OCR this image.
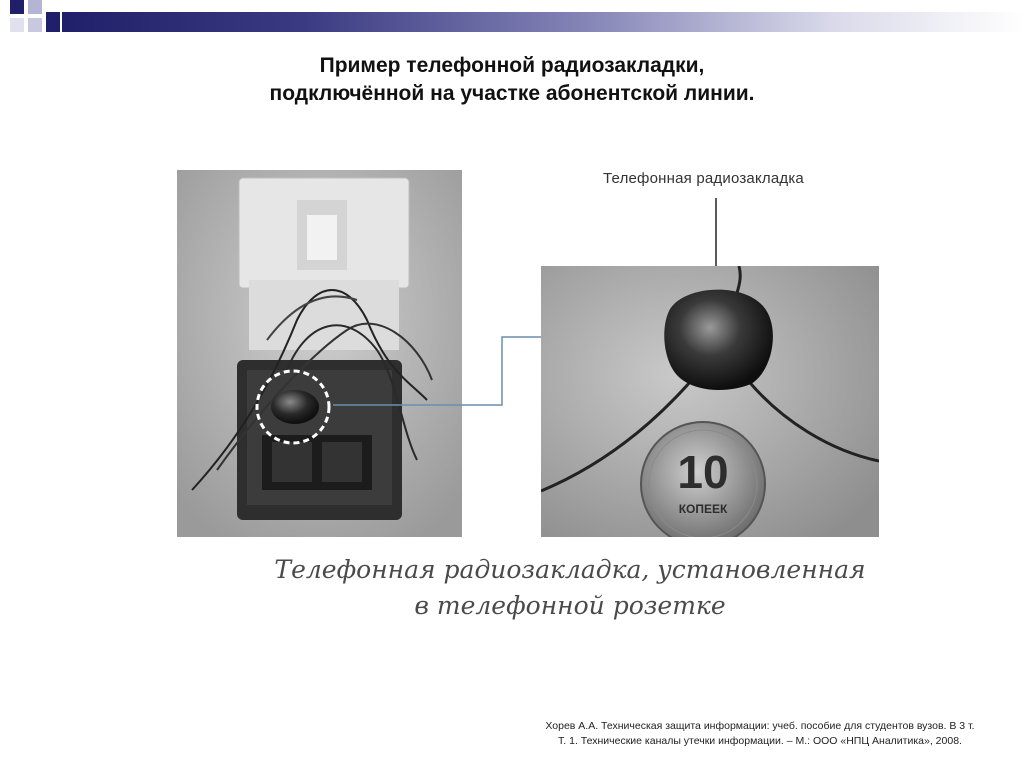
Пример телефонной радиозакладки,
подключённой на участке абонентской линии.
Телефонная радиозакладка
10
КОПЕЕК
Телефонная радиозакладка, установленная
в телефонной розетке
Хорев А.А. Техническая защита информации: учеб. пособие для студентов вузов. В 3 т.
Т. 1. Технические каналы утечки информации. – М.: ООО «НПЦ Аналитика», 2008.
